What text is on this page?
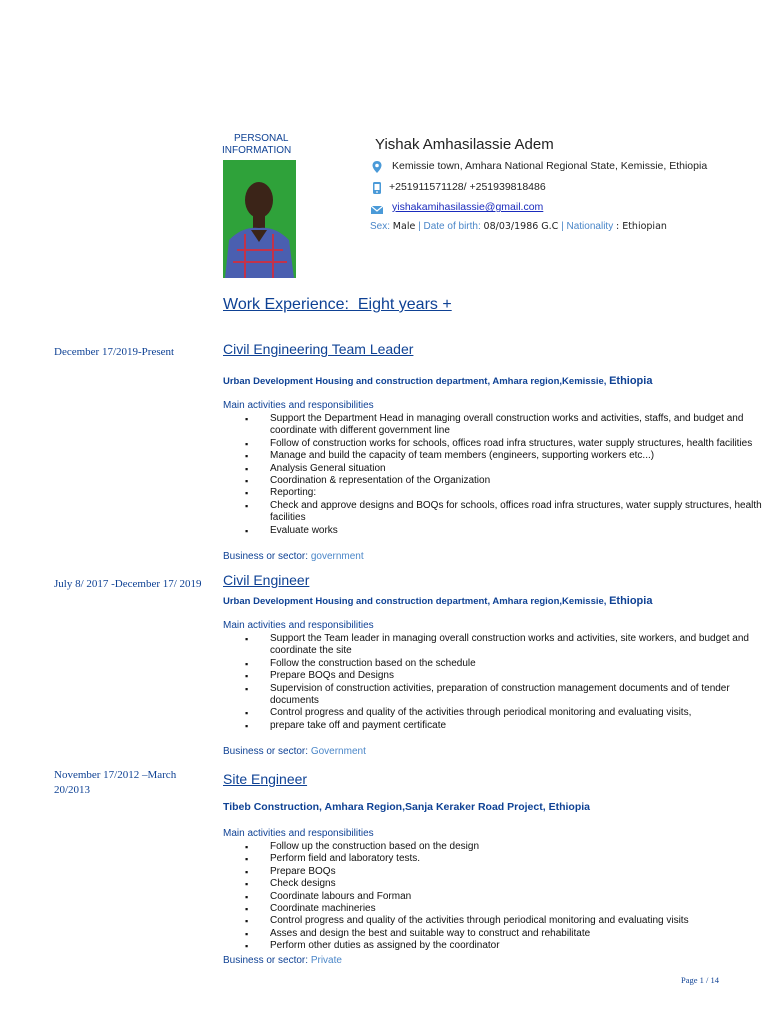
PERSONAL
INFORMATION	Yishak Amhasilassie Adem
Kemissie town, Amhara National Regional State, Kemissie, Ethiopia
+251911571128/ +251939818486
yishakamihasilassie@gmail.com
Sex: Male | Date of birth: 08/03/1986 G.C | Nationality : Ethiopian
Work Experience:  Eight years +
December 17/2019-Present	Civil Engineering Team Leader
Urban Development Housing and construction department, Amhara region,Kemissie, Ethiopia
Main activities and responsibilities
▪ Support the Department Head in managing overall construction works and activities, staffs, and budget and coordinate with different government line
▪ Follow of construction works for schools, offices road infra structures, water supply structures, health facilities
▪ Manage and build the capacity of team members (engineers, supporting workers etc...)
▪ Analysis General situation
▪ Coordination & representation of the Organization
▪ Reporting:
▪ Check and approve designs and BOQs for schools, offices road infra structures, water supply structures, health facilities
▪ Evaluate works
Business or sector: government
July 8/ 2017 -December 17/ 2019 Civil Engineer
Urban Development Housing and construction department, Amhara region,Kemissie, Ethiopia
Main activities and responsibilities
▪ Support the Team leader in managing overall construction works and activities, site workers, and budget and coordinate the site
▪ Follow the construction based on the schedule
▪ Prepare BOQs and Designs
▪ Supervision of construction activities, preparation of construction management documents and of tender documents
▪ Control progress and quality of the activities through periodical monitoring and evaluating visits,
▪ prepare take off and payment certificate
Business or sector: Government
November 17/2012 –March 20/2013
Site Engineer
Tibeb Construction, Amhara Region,Sanja Keraker Road Project, Ethiopia
Main activities and responsibilities
▪ Follow up the construction based on the design
▪ Perform field and laboratory tests.
▪ Prepare BOQs
▪ Check designs
▪ Coordinate labours and Forman
▪ Coordinate machineries
▪ Control progress and quality of the activities through periodical monitoring and evaluating visits
▪ Asses and design the best and suitable way to construct and rehabilitate
▪ Perform other duties as assigned by the coordinator
Business or sector: Private
Page 1 / 14
